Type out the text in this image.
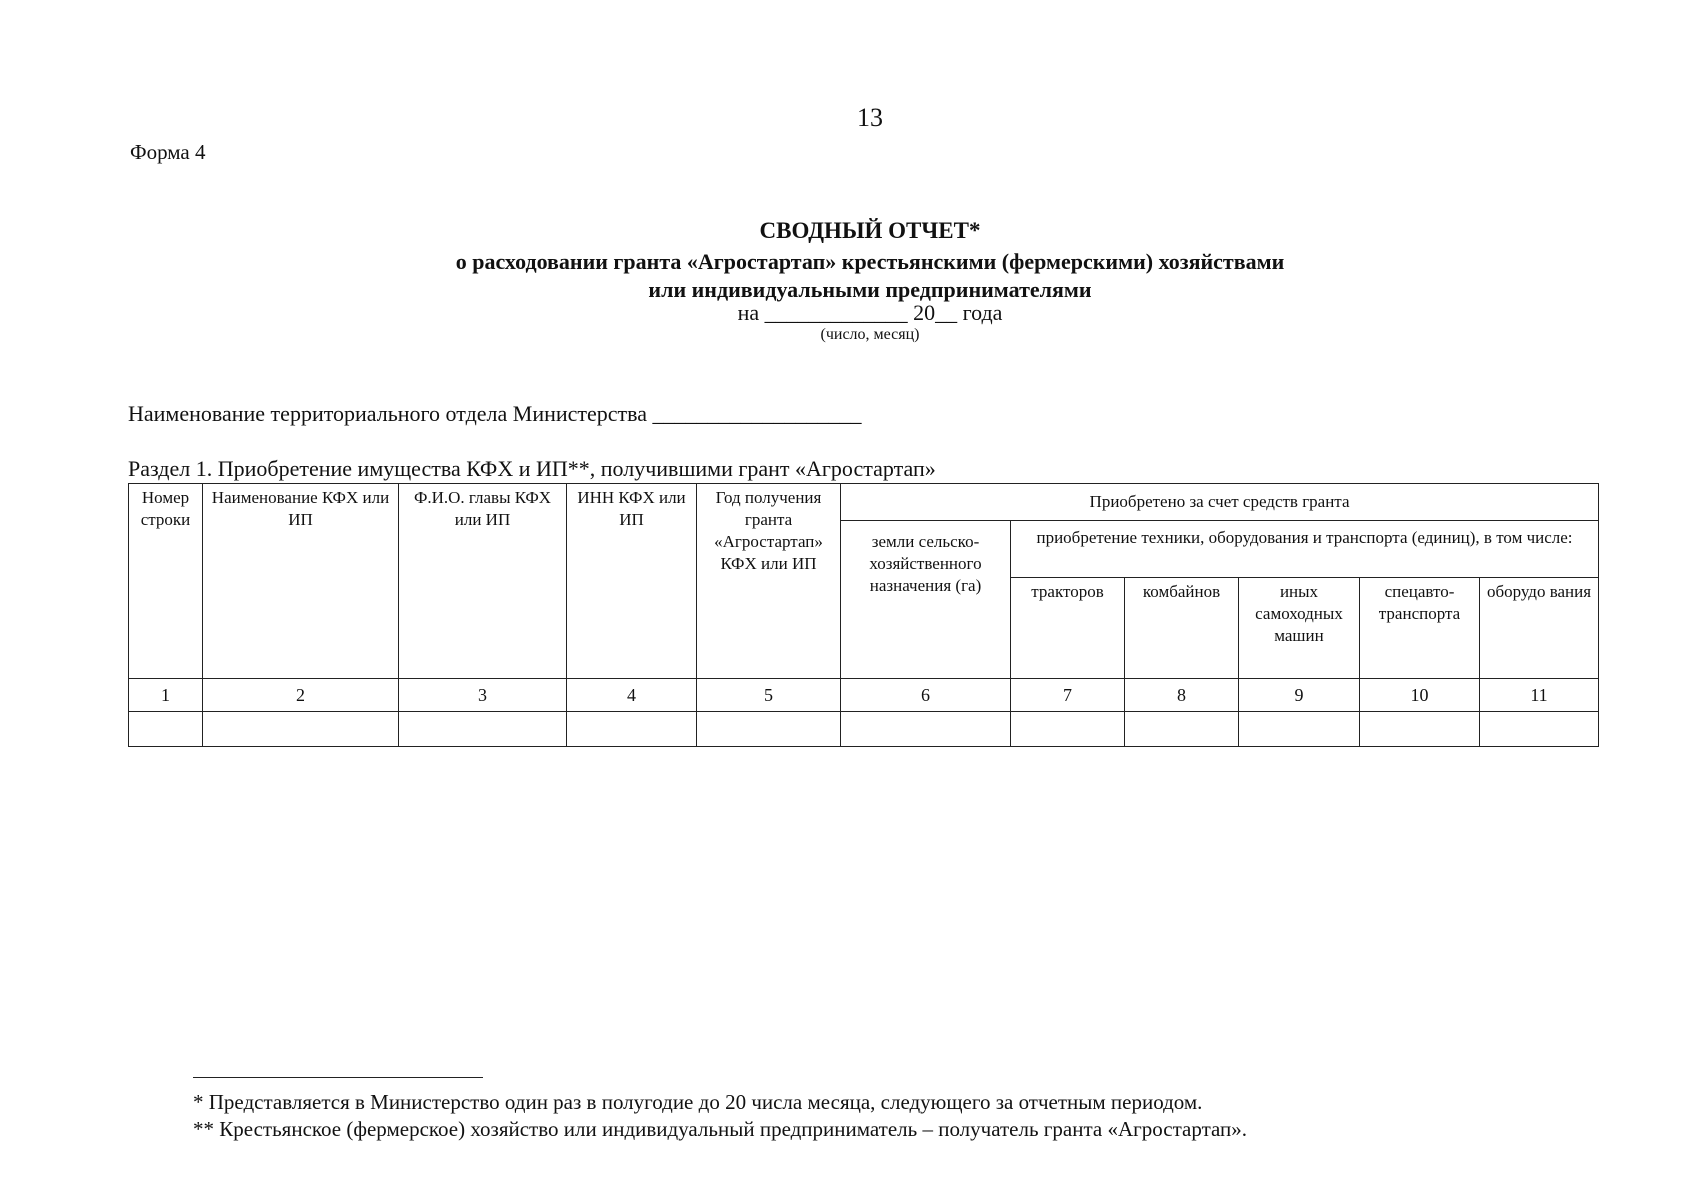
13
Форма 4
СВОДНЫЙ ОТЧЕТ*
о расходовании гранта «Агростартап» крестьянскими (фермерскими) хозяйствами
или индивидуальными предпринимателями
на _____________ 20__ года
(число, месяц)
Наименование территориального отдела Министерства ___________________
Раздел 1. Приобретение имущества КФХ и ИП**, получившими грант «Агростартап»
Номер строки	Наименование КФХ или ИП	Ф.И.О. главы КФХ или ИП	ИНН КФХ или ИП	Год получения гранта «Агростартап» КФХ или ИП	Приобретено за счет средств гранта					
					земли сельско-хозяйственного назначения (га)	приобретение техники, оборудования и транспорта (единиц), в том числе:				
						тракторов	комбайнов	иных самоходных машин	спецавто-транспорта	оборудо вания
1	2	3	4	5	6	7	8	9	10	11

* Представляется в Министерство один раз в полугодие до 20 числа месяца, следующего за отчетным периодом.
** Крестьянское (фермерское) хозяйство или индивидуальный предприниматель – получатель гранта «Агростартап».
